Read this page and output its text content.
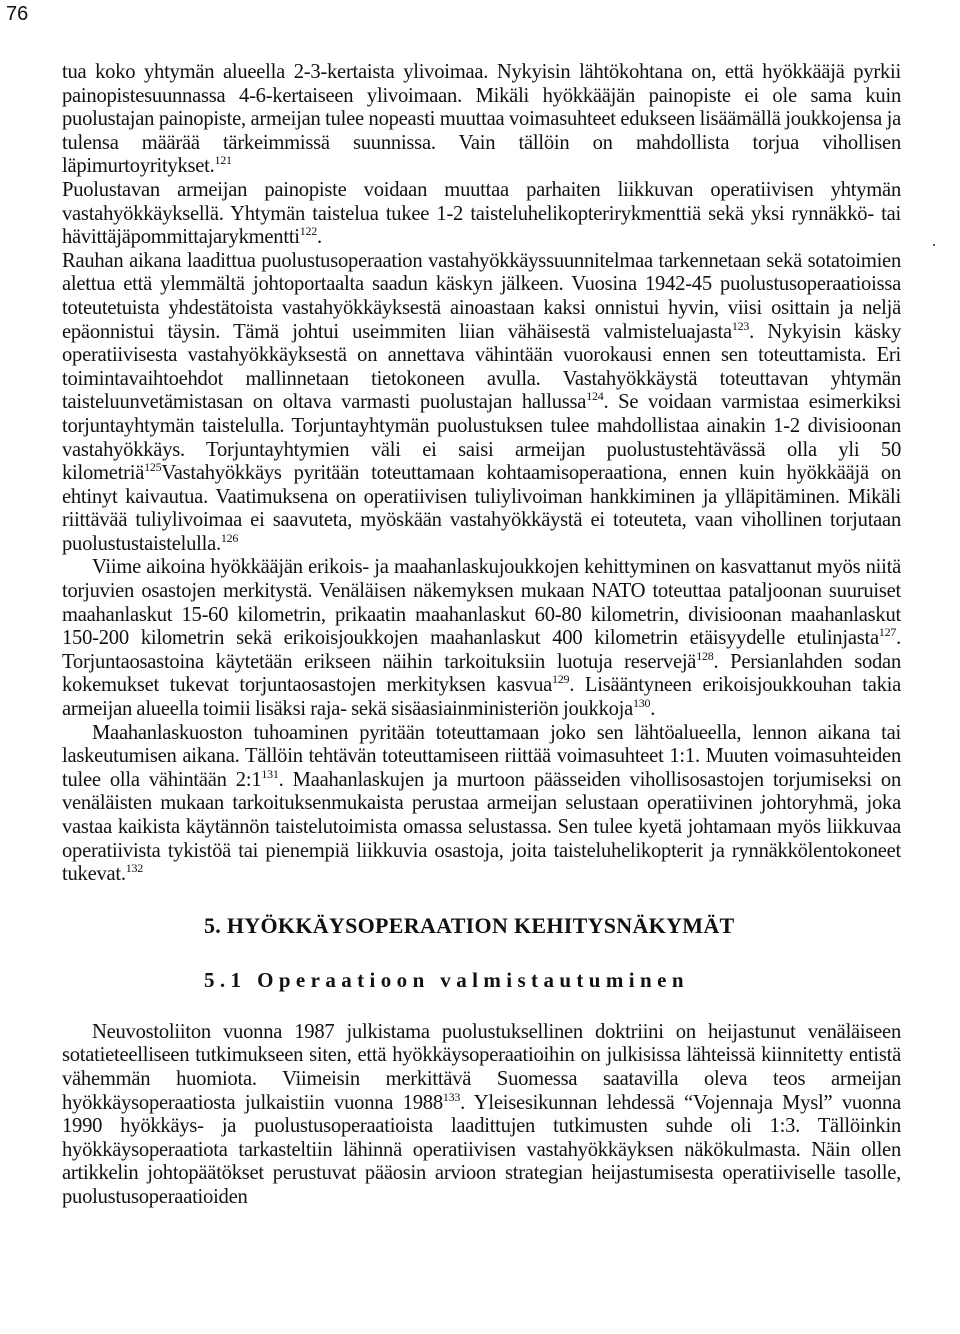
76

tua koko yhtymän alueella 2-3-kertaista ylivoimaa. Nykyisin lähtökohtana on, että hyökkääjä pyrkii painopistesuunnassa 4-6-kertaiseen ylivoimaan. Mikäli hyökkääjän painopiste ei ole sama kuin puolustajan painopiste, armeijan tulee nopeasti muuttaa voimasuhteet edukseen lisäämällä joukkojensa ja tulensa määrää tärkeimmissä suunnissa. Vain tällöin on mahdollista torjua vihollisen läpimurtoyritykset.$^{121}$

Puolustavan armeijan painopiste voidaan muuttaa parhaiten liikkuvan operatiivisen yhtymän vastahyökkäyksellä. Yhtymän taistelua tukee 1-2 taisteluhelikopterirykmenttiä sekä yksi rynnäkkö- tai hävittäjäpommittajarykmentti$^{122}$.

Rauhan aikana laadittua puolustusoperaation vastahyökkäyssuunnitelmaa tarkennetaan sekä sotatoimien alettua että ylemmältä johtoportaalta saadun käskyn jälkeen. Vuosina 1942-45 puolustusoperaatioissa toteutetuista yhdestätoista vastahyökkäyksestä ainoastaan kaksi onnistui hyvin, viisi osittain ja neljä epäonnistui täysin. Tämä johtui useimmiten liian vähäisestä valmisteluajasta$^{123}$. Nykyisin käsky operatiivisesta vastahyökkäyksestä on annettava vähintään vuorokausi ennen sen toteuttamista. Eri toimintavaihtoehdot mallinnetaan tietokoneen avulla. Vastahyökkäystä toteuttavan yhtymän taisteluunvetämistasan on oltava varmasti puolustajan hallussa$^{124}$. Se voidaan varmistaa esimerkiksi torjuntayhtymän taistelulla. Torjuntayhtymän puolustuksen tulee mahdollistaa ainakin 1-2 divisioonan vastahyökkäys. Torjuntayhtymien väli ei saisi armeijan puolustustehtävässä olla yli 50 kilometriä$^{125}$Vastahyökkäys pyritään toteuttamaan kohtaamisoperaationa, ennen kuin hyökkääjä on ehtinyt kaivautua. Vaatimuksena on operatiivisen tuliylivoiman hankkiminen ja ylläpitäminen. Mikäli riittävää tuliylivoimaa ei saavuteta, myöskään vastahyökkäystä ei toteuteta, vaan vihollinen torjutaan puolustustaistelulla.$^{126}$

Viime aikoina hyökkääjän erikois- ja maahanlaskujoukkojen kehittyminen on kasvattanut myös niitä torjuvien osastojen merkitystä. Venäläisen näkemyksen mukaan NATO toteuttaa pataljoonan suuruiset maahanlaskut 15-60 kilometrin, prikaatin maahanlaskut 60-80 kilometrin, divisioonan maahanlaskut 150-200 kilometrin sekä erikoisjoukkojen maahanlaskut 400 kilometrin etäisyydelle etulinjasta$^{127}$. Torjuntaosastoina käytetään erikseen näihin tarkoituksiin luotuja reservejä$^{128}$. Persianlahden sodan kokemukset tukevat torjuntaosastojen merkityksen kasvua$^{129}$. Lisääntyneen erikoisjoukkouhan takia armeijan alueella toimii lisäksi raja- sekä sisäasiainministeriön joukkoja$^{130}$.

Maahanlaskuoston tuhoaminen pyritään toteuttamaan joko sen lähtöalueella, lennon aikana tai laskeutumisen aikana. Tällöin tehtävän toteuttamiseen riittää voimasuhteet 1:1. Muuten voimasuhteiden tulee olla vähintään $2:1^{131}$. Maahanlaskujen ja murtoon päässeiden vihollisosastojen torjumiseksi on venäläisten mukaan tarkoituksenmukaista perustaa armeijan selustaan operatiivinen johtoryhmä, joka vastaa kaikista käytännön taistelutoimista omassa selustassa. Sen tulee kyetä johtamaan myös liikkuvaa operatiivista tykistöä tai pienempiä liikkuvia osastoja, joita taisteluhelikopterit ja rynnäkkölentokoneet tukevat.$^{132}$

5. HYÖKKÄYSOPERAATION KEHITYSNÄKYMÄT
5.1 Operaatioon valmistautuminen

Neuvostoliiton vuonna 1987 julkistama puolustuksellinen doktriini on heijastunut venäläiseen sotatieteelliseen tutkimukseen siten, että hyökkäysoperaatioihin on julkisissa lähteissä kiinnitetty entistä vähemmän huomiota. Viimeisin merkittävä Suomessa saatavilla oleva teos armeijan hyökkäysoperaatiosta julkaistiin vuonna 1988$^{133}$. Yleisesikunnan lehdessä “Vojennaja Mysl” vuonna 1990 hyökkäys- ja puolustusoperaatioista laadittujen tutkimusten suhde oli 1:3. Tällöinkin hyökkäysoperaatiota tarkasteltiin lähinnä operatiivisen vastahyökkäyksen näkökulmasta. Näin ollen artikkelin johtopäätökset perustuvat pääosin arvioon strategian heijastumisesta operatiiviselle tasolle, puolustusoperaatioiden
